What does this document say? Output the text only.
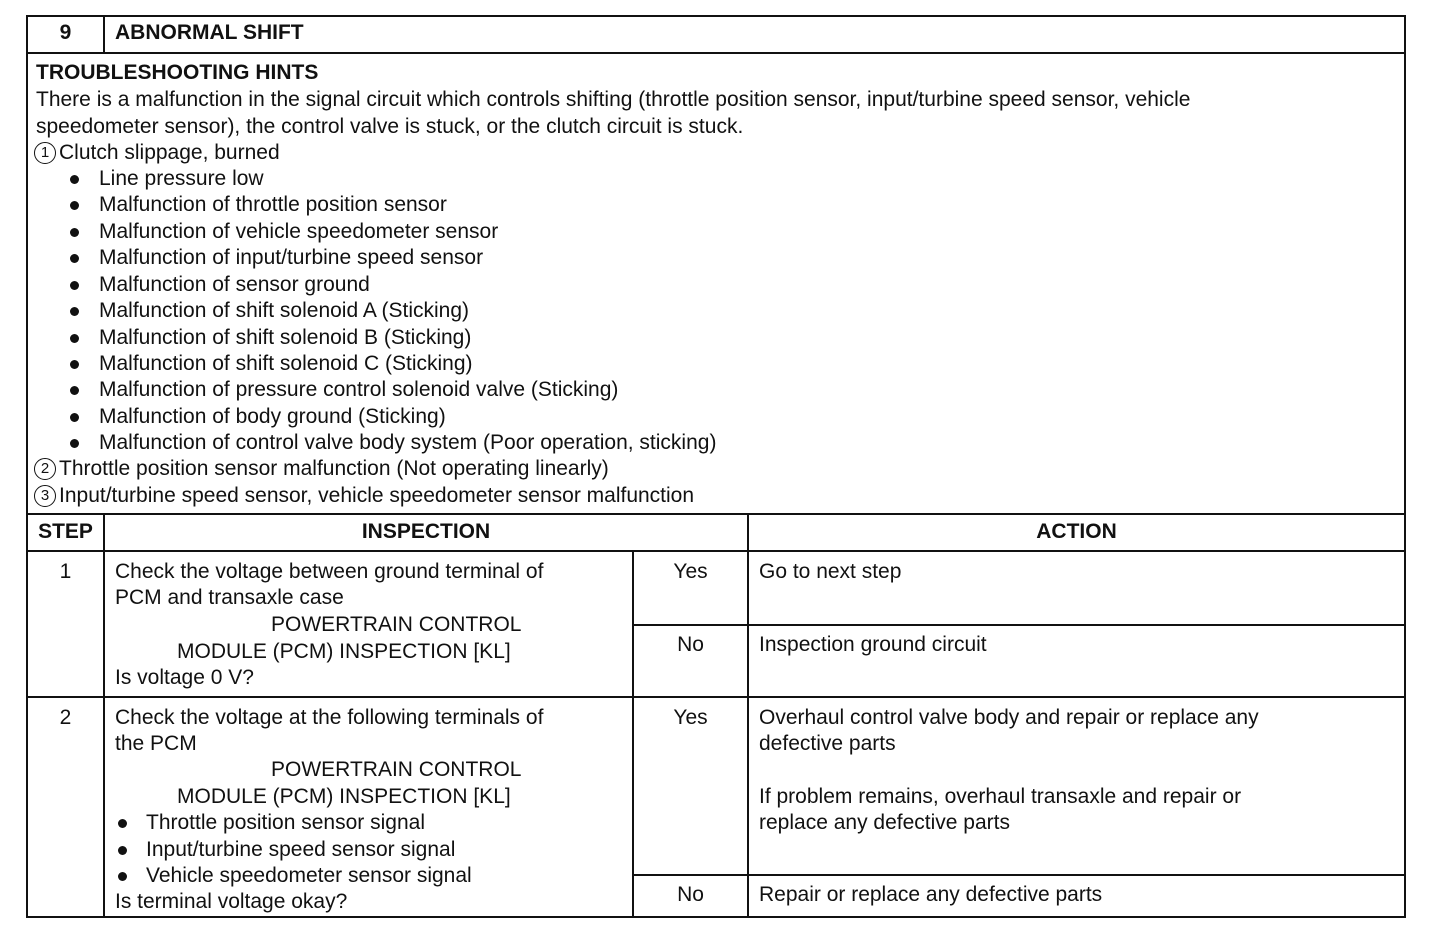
9	ABNORMAL SHIFT
TROUBLESHOOTING HINTS
There is a malfunction in the signal circuit which controls shifting (throttle position sensor, input/turbine speed sensor, vehicle
speedometer sensor), the control valve is stuck, or the clutch circuit is stuck.
1 Clutch slippage, burned
Line pressure low
Malfunction of throttle position sensor
Malfunction of vehicle speedometer sensor
Malfunction of input/turbine speed sensor
Malfunction of sensor ground
Malfunction of shift solenoid A (Sticking)
Malfunction of shift solenoid B (Sticking)
Malfunction of shift solenoid C (Sticking)
Malfunction of pressure control solenoid valve (Sticking)
Malfunction of body ground (Sticking)
Malfunction of control valve body system (Poor operation, sticking)
2 Throttle position sensor malfunction (Not operating linearly)
3 Input/turbine speed sensor, vehicle speedometer sensor malfunction
STEP	INSPECTION	ACTION
1	Check the voltage between ground terminal of
PCM and transaxle case
POWERTRAIN CONTROL
MODULE (PCM) INSPECTION [KL]
Is voltage 0 V?
Yes	Go to next step
No	Inspection ground circuit
2	Check the voltage at the following terminals of
the PCM
POWERTRAIN CONTROL
MODULE (PCM) INSPECTION [KL]
Throttle position sensor signal
Input/turbine speed sensor signal
Vehicle speedometer sensor signal
Is terminal voltage okay?
Yes	Overhaul control valve body and repair or replace any
defective parts
If problem remains, overhaul transaxle and repair or
replace any defective parts
No	Repair or replace any defective parts
